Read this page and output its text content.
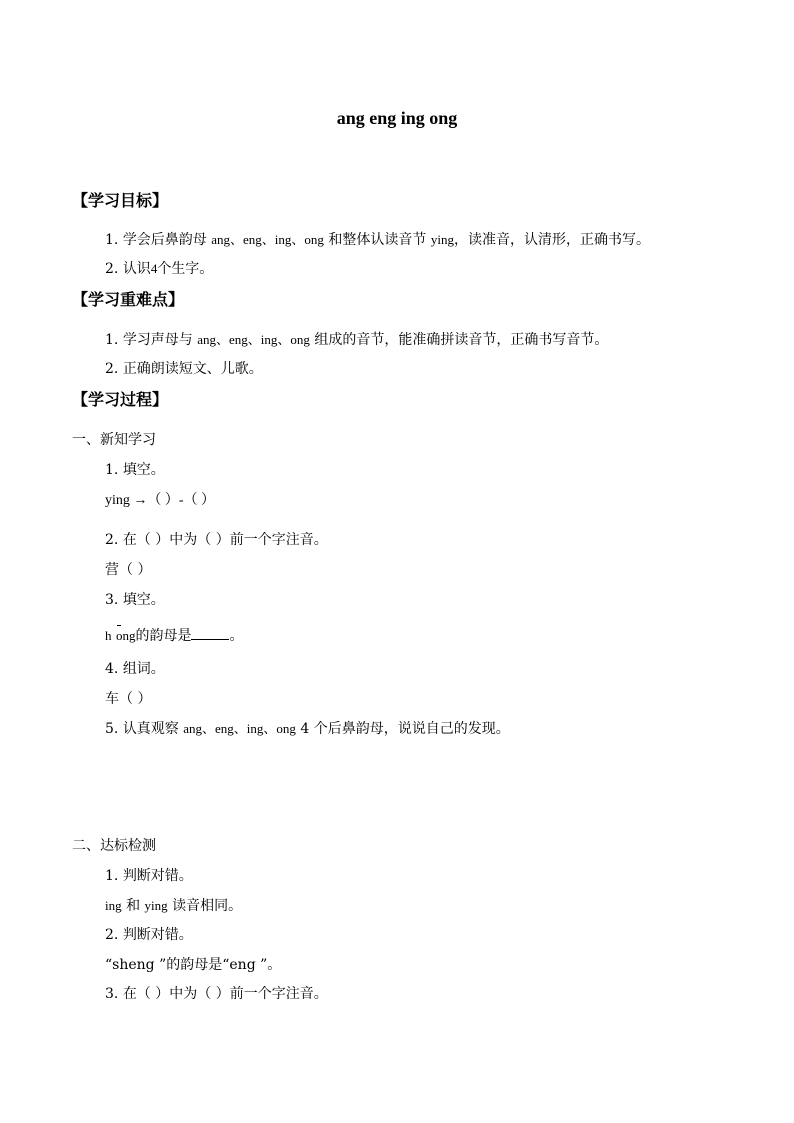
ang eng ing ong
【学习目标】
1. 学会后鼻韵母 ang、eng、ing、ong 和整体认读音节 ying，读准音，认清形，正确书写。
2. 认识4个生字。
【学习重难点】
1. 学习声母与 ang、eng、ing、ong 组成的音节，能准确拼读音节，正确书写音节。
2. 正确朗读短文、儿歌。
【学习过程】
一、新知学习
1. 填空。
ying →（ ）-（ ）
2. 在（ ）中为（ ）前一个字注音。
营（ ）
3. 填空。
h ong的韵母是	。
4. 组词。
车（ ）
5. 认真观察 ang、eng、ing、ong 4 个后鼻韵母，说说自己的发现。
二、达标检测
1. 判断对错。
ing 和 ying 读音相同。
2. 判断对错。
“sheng ”的韵母是“eng ”。
3. 在（ ）中为（ ）前一个字注音。
